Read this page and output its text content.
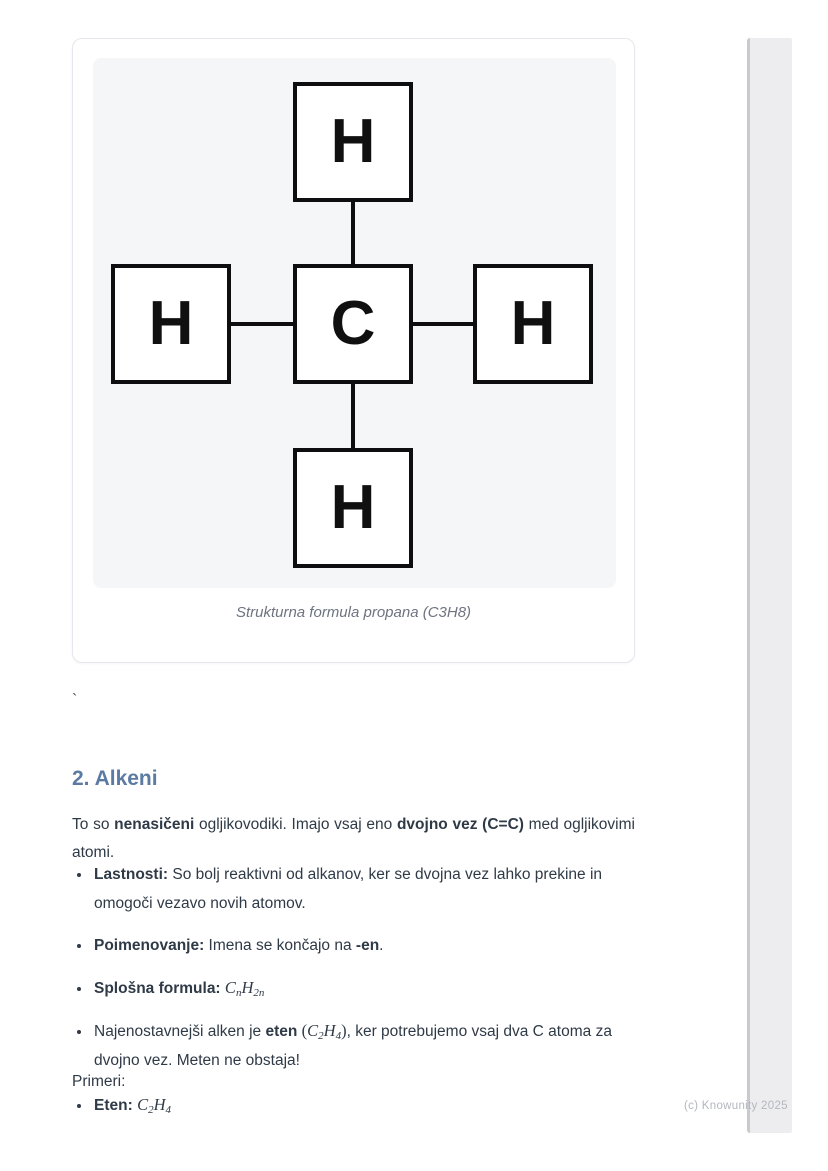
H
H	C	H
H
Strukturna formula propana (C3H8)
`
2. Alkeni

To so nenasičeni ogljikovodiki. Imajo vsaj eno dvojno vez (C=C) med ogljikovimi atomi.

• Lastnosti: So bolj reaktivni od alkanov, ker se dvojna vez lahko prekine in omogoči vezavo novih atomov.
• Poimenovanje: Imena se končajo na -en.
• Splošna formula: $C_nH_{2n}$
• Najenostavnejši alken je eten $(C_2H_4)$, ker potrebujemo vsaj dva C atoma za dvojno vez. Meten ne obstaja!

Primeri:

• Eten: $C_2H_4$	(c) Knowunity 2025
